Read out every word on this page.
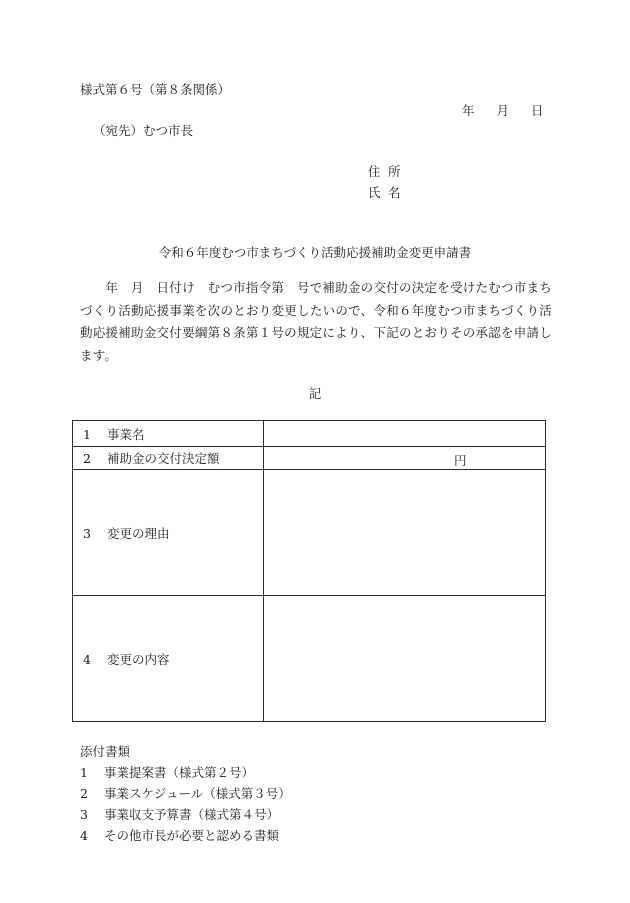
様式第６号（第８条関係）
年 月 日
（宛先）むつ市長
住 所
氏 名
令和６年度むつ市まちづくり活動応援補助金変更申請書
　　年　月　日付け　むつ市指令第　号で補助金の交付の決定を受けたむつ市まちづくり活動応援事業を次のとおり変更したいので、令和６年度むつ市まちづくり活動応援補助金交付要綱第８条第１号の規定により、下記のとおりその承認を申請します。
記
1 事業名	
2 補助金の交付決定額	円

3 変更の理由	
4 変更の内容	
添付書類
1 事業提案書（様式第２号）
2 事業スケジュール（様式第３号）
3 事業収支予算書（様式第４号）
4 その他市長が必要と認める書類
